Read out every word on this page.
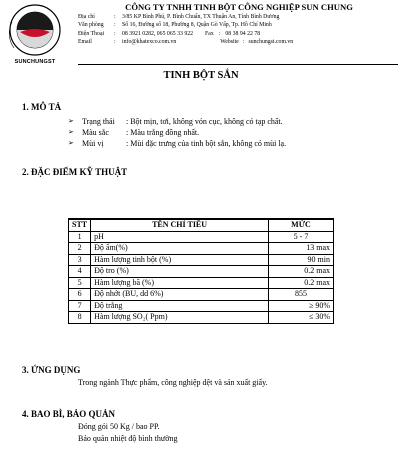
SUNCHUNGST
CÔNG TY TNHH TINH BỘT CÔNG NGHIỆP SUN CHUNG
Địa chỉ	:	3/85 KP Bình Phú, P. Bình Chuẩn, TX Thuận An, Tỉnh Bình Dương
Văn phòng	:	Số 16, Đường số 18, Phường 8, Quận Gò Vấp, Tp. Hồ Chí Minh
Điện Thoại	:	08 3921 0282, 065 065 33 922 Fax : 08 38 94 22 78
Email	:	info@khatexco.com.vn	Website : sunchungst.com.vn
TINH BỘT SẮN
1. MÔ TẢ
➢	Trạng thái	: Bột mịn, tơi, không vón cục, không có tạp chất.
➢	Màu sắc	: Màu trắng đồng nhất.
➢	Mùi vị	: Mùi đặc trưng của tinh bột sắn, không có mùi lạ.
2. ĐẶC ĐIỂM KỸ THUẬT
STT	TÊN CHỈ TIÊU	MỨC
1	pH	5 - 7
2	Độ ẩm(%)	13 max
3	Hàm lượng tinh bột (%)	90 min
4	Độ tro (%)	0.2 max
5	Hàm lượng bã (%)	0.2 max
6	Độ nhớt (BU, dd 6%)	855
7	Độ trắng	≥ 90%
8	Hàm lượng SO₂( Ppm)	≤ 30%
3. ỨNG DỤNG
Trong ngành Thực phẩm, công nghiệp dệt và sản xuất giấy.
4. BAO BÌ, BẢO QUẢN
Đóng gói 50 Kg / bao PP.
Bảo quản nhiệt độ bình thường
